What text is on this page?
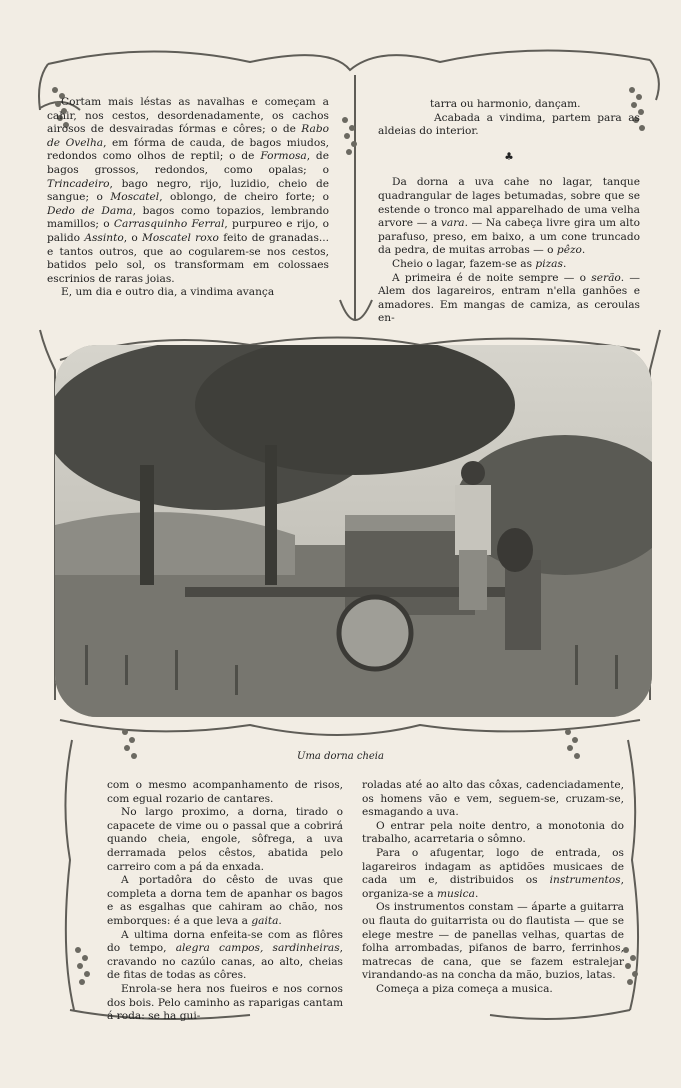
Cortam mais léstas as navalhas e começam a cahir, nos cestos, desordenadamente, os cachos airosos de desvairadas fórmas e côres; o de Rabo de Ovelha, em fórma de cauda, de bagos miudos, redondos como olhos de reptil; o de Formosa, de bagos grossos, redondos, como opalas; o Trincadeiro, bago negro, rijo, luzidio, cheio de sangue; o Moscatel, oblongo, de cheiro forte; o Dedo de Dama, bagos como topazios, lembrando mamillos; o Carrasquinho Ferral, purpureo e rijo, o palido Assinto, o Moscatel roxo feito de granadas... e tantos outros, que ao cogularem-se nos cestos, batidos pelo sol, os transformam em colossaes escrinios de raras joias.

E, um dia e outro dia, a vindima avança

tarra ou harmonio, dançam.

Acabada a vindima, partem para as aldeias do interior.

♣

Da dorna a uva cahe no lagar, tanque quadrangular de lages betumadas, sobre que se estende o tronco mal apparelhado de uma velha arvore — a vara. — Na cabeça livre gira um alto parafuso, preso, em baixo, a um cone truncado da pedra, de muitas arrobas — o pêzo.

Cheio o lagar, fazem-se as pizas.

A primeira é de noite sempre — o serão. — Alem dos lagareiros, entram n'ella ganhões e amadores. Em mangas de camiza, as ceroulas en-

Uma dorna cheia

com o mesmo acompanhamento de risos, com egual rozario de cantares.

No largo proximo, a dorna, tirado o capacete de vime ou o passal que a cobrirá quando cheia, engole, sôfrega, a uva derramada pelos cêstos, abatida pelo carreiro com a pá da enxada.

A portadôra do cêsto de uvas que completa a dorna tem de apanhar os bagos e as esgalhas que cahiram ao chão, nos emborques: é a que leva a gaita.

A ultima dorna enfeita-se com as flôres do tempo, alegra campos, sardinheiras, cravando no cazúlo canas, ao alto, cheias de fitas de todas as côres.

Enrola-se hera nos fueiros e nos cornos dos bois. Pelo caminho as raparigas cantam á roda: se ha gui-

roladas até ao alto das côxas, cadenciadamente, os homens vão e vem, seguem-se, cruzam-se, esmagando a uva.

O entrar pela noite dentro, a monotonia do trabalho, acarretaria o sômno.

Para o afugentar, logo de entrada, os lagareiros indagam as aptidões musicaes de cada um e, distribuidos os instrumentos, organiza-se a musica.

Os instrumentos constam — áparte a guitarra ou flauta do guitarrista ou do flautista — que se elege mestre — de panellas velhas, quartas de folha arrombadas, pifanos de barro, ferrinhos, matrecas de cana, que se fazem estralejar virandando-as na concha da mão, buzios, latas.

Começa a piza começa a musica.
